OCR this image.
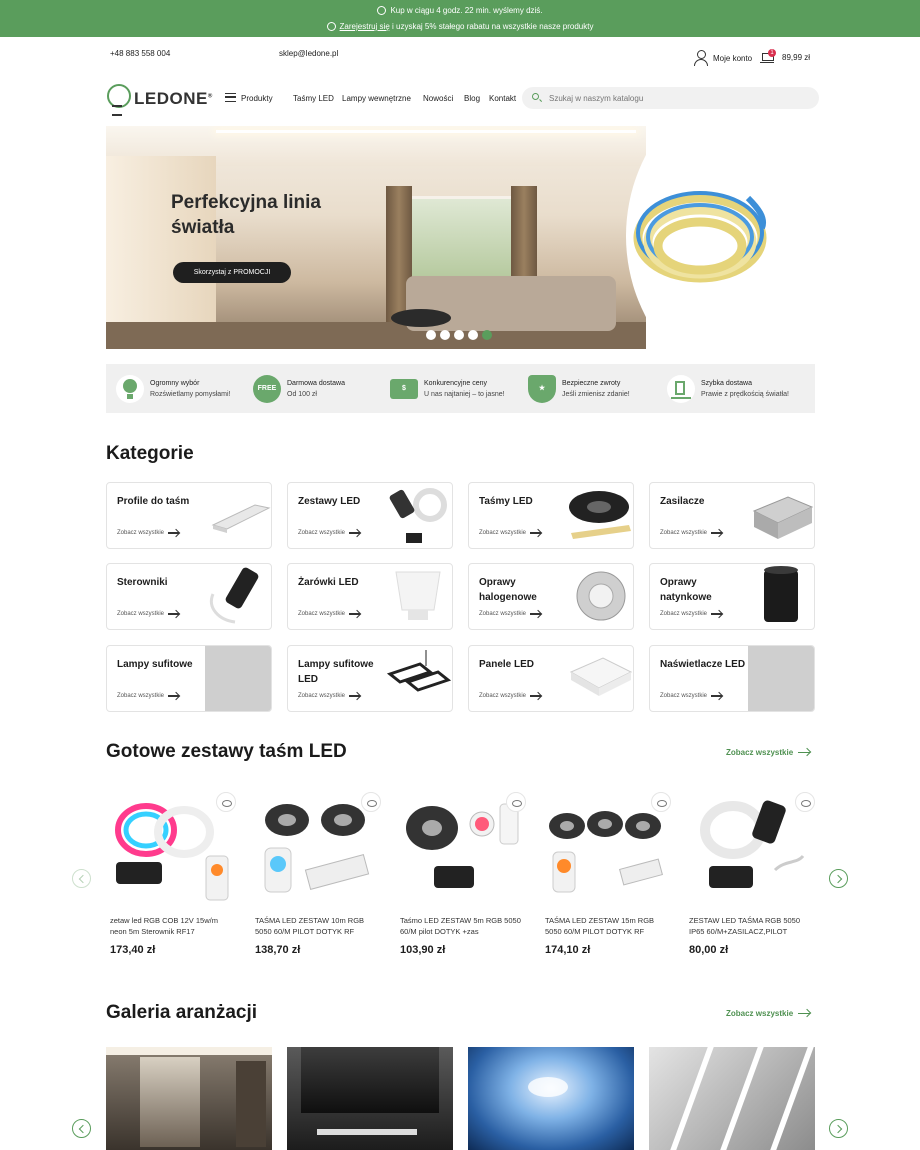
Kup w ciągu 4 godz. 22 min. wyślemy dziś.
Zarejestruj się i uzyskaj 5% stałego rabatu na wszystkie nasze produkty
+48 883 558 004	sklep@ledone.pl	Moje konto	89,99 zł
1
LEDONE®	Produkty	Taśmy LED Lampy wewnętrzne Nowości Blog Kontakt
Szukaj w naszym katalogu
Perfekcyjna linia światła
Skorzystaj z PROMOCJI
Ogromny wybór
Rozświetlamy pomysłami!
FREE
Darmowa dostawa
Od 100 zł
$
Konkurencyjne ceny
U nas najtaniej – to jasne!
★
Bezpieczne zwroty
Jeśli zmienisz zdanie!
Szybka dostawa
Prawie z prędkością światła!
Kategorie
Profile do taśm
Zobacz wszystkie
Zestawy LED
Zobacz wszystkie
Taśmy LED
Zobacz wszystkie
Zasilacze
Zobacz wszystkie
Sterowniki
Zobacz wszystkie
Żarówki LED
Zobacz wszystkie
Oprawy halogenowe
Zobacz wszystkie
Oprawy natynkowe
Zobacz wszystkie
Lampy sufitowe
Zobacz wszystkie
Lampy sufitowe LED
Zobacz wszystkie
Panele LED
Zobacz wszystkie
Naświetlacze LED
Zobacz wszystkie
Gotowe zestawy taśm LED	Zobacz wszystkie
zetaw led RGB COB 12V 15w/m neon 5m Sterownik RF17
173,40 zł
TAŚMA LED ZESTAW 10m RGB 5050 60/M PILOT DOTYK RF
138,70 zł
Taśmo LED ZESTAW 5m RGB 5050 60/M pilot DOTYK +zas
103,90 zł
TAŚMA LED ZESTAW 15m RGB 5050 60/M PILOT DOTYK RF
174,10 zł
ZESTAW LED TAŚMA RGB 5050 IP65 60/M+ZASILACZ,PILOT
80,00 zł
Galeria aranżacji	Zobacz wszystkie
